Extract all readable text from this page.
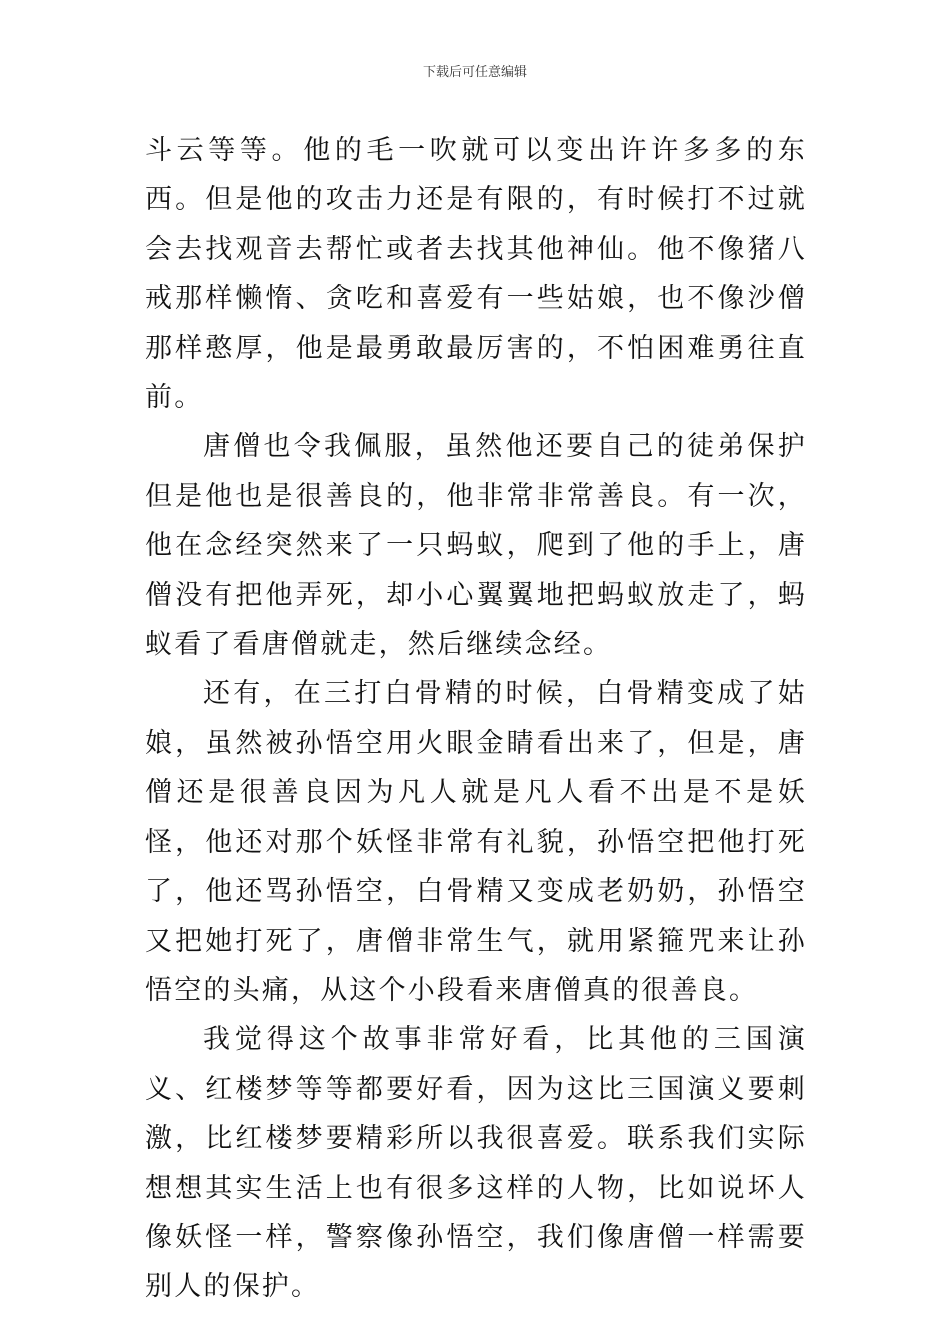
下载后可任意编辑

斗云等等。他的毛一吹就可以变出许许多多的东西。但是他的攻击力还是有限的，有时候打不过就会去找观音去帮忙或者去找其他神仙。他不像猪八戒那样懒惰、贪吃和喜爱有一些姑娘，也不像沙僧那样憨厚，他是最勇敢最厉害的，不怕困难勇往直前。

唐僧也令我佩服，虽然他还要自己的徒弟保护但是他也是很善良的，他非常非常善良。有一次，他在念经突然来了一只蚂蚁，爬到了他的手上，唐僧没有把他弄死，却小心翼翼地把蚂蚁放走了，蚂蚁看了看唐僧就走，然后继续念经。

还有，在三打白骨精的时候，白骨精变成了姑娘，虽然被孙悟空用火眼金睛看出来了，但是，唐僧还是很善良因为凡人就是凡人看不出是不是妖怪，他还对那个妖怪非常有礼貌，孙悟空把他打死了，他还骂孙悟空，白骨精又变成老奶奶，孙悟空又把她打死了，唐僧非常生气，就用紧箍咒来让孙悟空的头痛，从这个小段看来唐僧真的很善良。

我觉得这个故事非常好看，比其他的三国演义、红楼梦等等都要好看，因为这比三国演义要刺激，比红楼梦要精彩所以我很喜爱。联系我们实际想想其实生活上也有很多这样的人物，比如说坏人像妖怪一样，警察像孙悟空，我们像唐僧一样需要别人的保护。
